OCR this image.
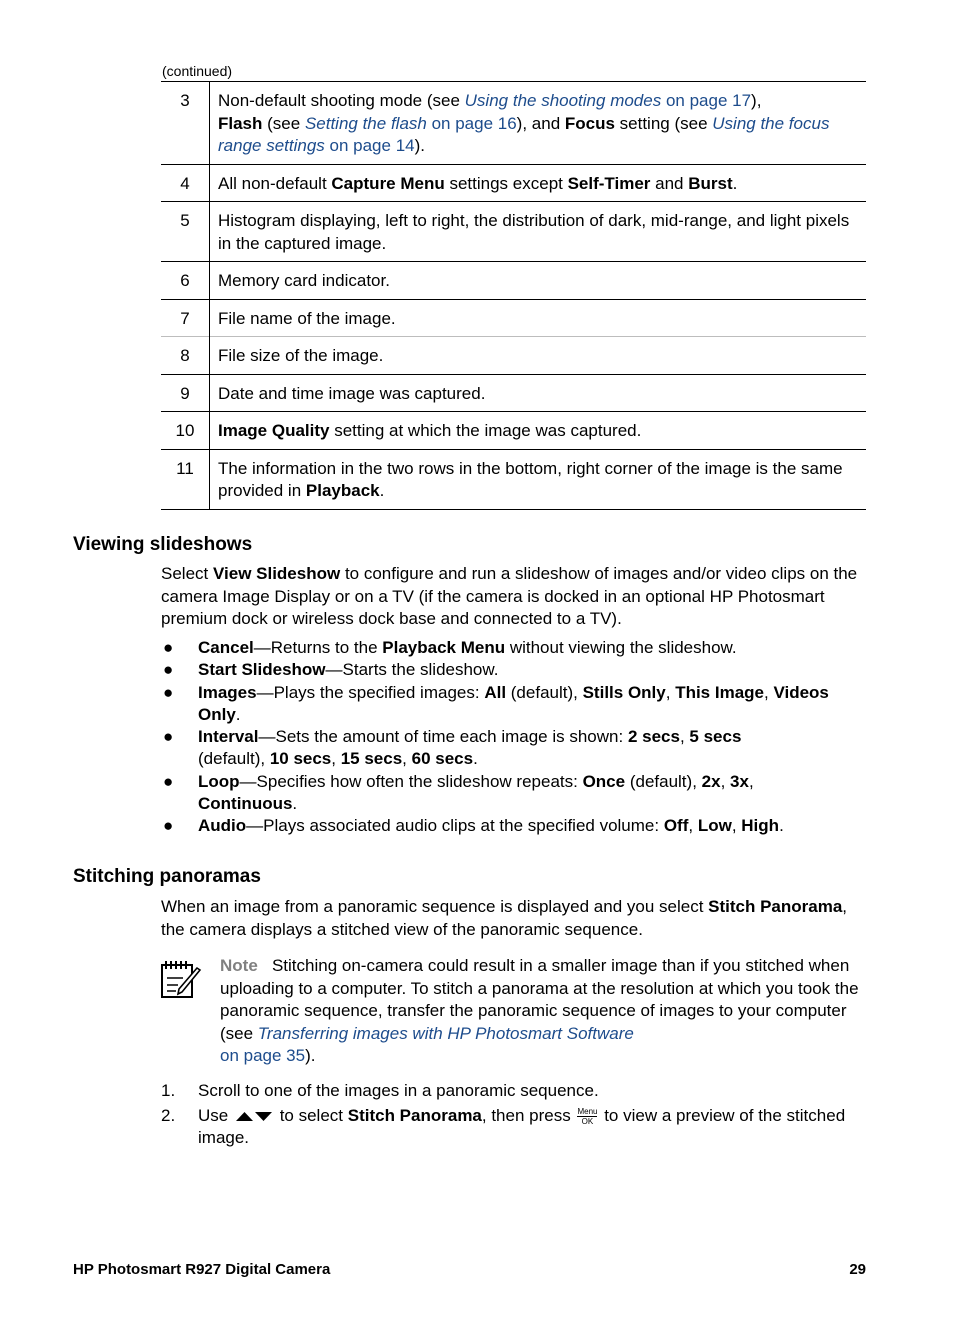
(continued)
3	Non-default shooting mode (see Using the shooting modes on page 17),
Flash (see Setting the flash on page 16), and Focus setting (see Using the focus range settings on page 14).
4	All non-default Capture Menu settings except Self-Timer and Burst.
5	Histogram displaying, left to right, the distribution of dark, mid-range, and light pixels in the captured image.
6	Memory card indicator.
7	File name of the image.
8	File size of the image.
9	Date and time image was captured.
10	Image Quality setting at which the image was captured.
11	The information in the two rows in the bottom, right corner of the image is the same provided in Playback.
Viewing slideshows
Select View Slideshow to configure and run a slideshow of images and/or video clips on the camera Image Display or on a TV (if the camera is docked in an optional HP Photosmart premium dock or wireless dock base and connected to a TV).
● Cancel—Returns to the Playback Menu without viewing the slideshow.
● Start Slideshow—Starts the slideshow.
● Images—Plays the specified images: All (default), Stills Only, This Image, Videos Only.
● Interval—Sets the amount of time each image is shown: 2 secs, 5 secs
(default), 10 secs, 15 secs, 60 secs.
● Loop—Specifies how often the slideshow repeats: Once (default), 2x, 3x,
Continuous.
● Audio—Plays associated audio clips at the specified volume: Off, Low, High.
Stitching panoramas
When an image from a panoramic sequence is displayed and you select Stitch Panorama, the camera displays a stitched view of the panoramic sequence.
Note Stitching on-camera could result in a smaller image than if you stitched when uploading to a computer. To stitch a panorama at the resolution at which you took the panoramic sequence, transfer the panoramic sequence of images to your computer (see Transferring images with HP Photosmart Software
on page 35).
1. Scroll to one of the images in a panoramic sequence.
2. Use  to select Stitch Panorama, then press Menu
OK to view a preview of the stitched image.
HP Photosmart R927 Digital Camera	29
